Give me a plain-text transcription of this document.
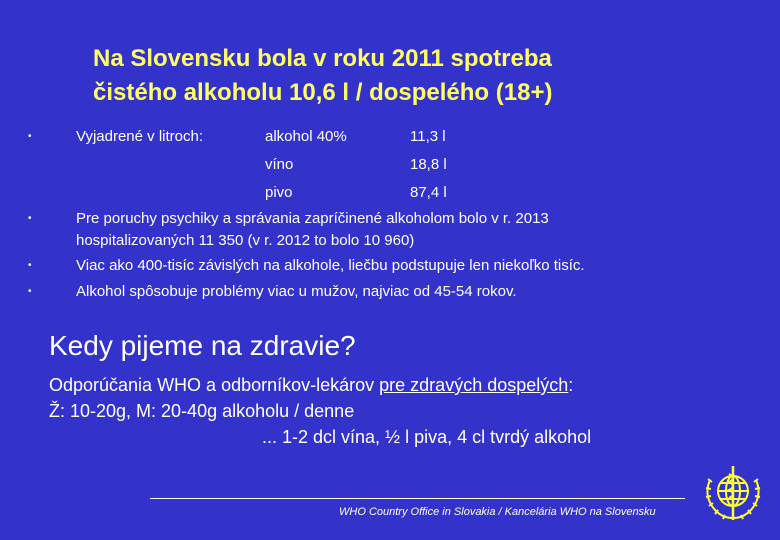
Na Slovensku bola v roku 2011 spotreba
čistého alkoholu 10,6 l / dospelého (18+)
•	Vyjadrené v litroch:	alkohol 40%	11,3 l
víno	18,8 l
pivo	87,4 l
•	Pre poruchy psychiky a správania zapríčinené alkoholom bolo v r. 2013
hospitalizovaných 11 350 (v r. 2012 to bolo 10 960)
•	Viac ako 400-tisíc závislých na alkohole, liečbu podstupuje len niekoľko tisíc.
•	Alkohol spôsobuje problémy viac u mužov, najviac od 45-54 rokov.
Kedy pijeme na zdravie?
Odporúčania WHO a odborníkov-lekárov pre zdravých dospelých:
Ž: 10-20g, M: 20-40g alkoholu / denne
... 1-2 dcl vína, ½ l piva, 4 cl tvrdý alkohol
WHO Country Office in Slovakia / Kancelária WHO na Slovensku
